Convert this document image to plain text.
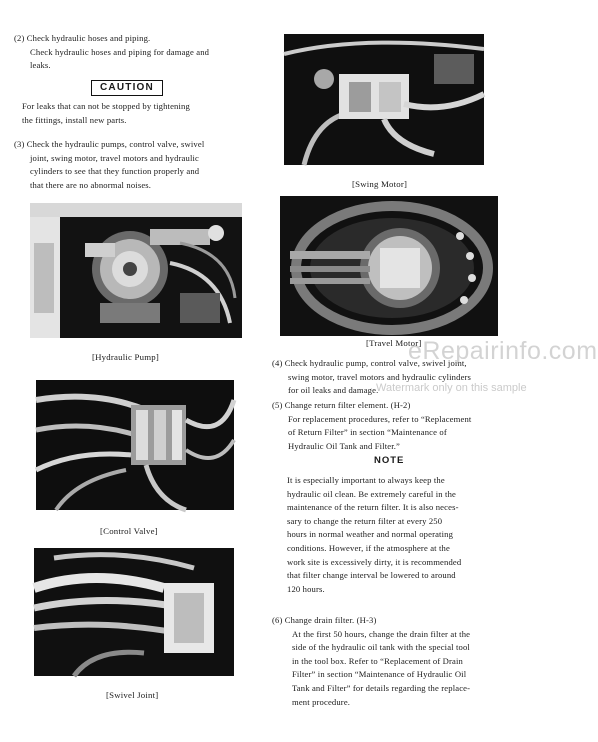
(2) Check hydraulic hoses and piping.
Check hydraulic hoses and piping for damage and
leaks.
CAUTION
For leaks that can not be stopped by tightening
the fittings, install new parts.
(3) Check the hydraulic pumps, control valve, swivel
joint, swing motor, travel motors and hydraulic
cylinders to see that they function properly and
that there are no abnormal noises.
[Hydraulic Pump]
[Control Valve]
[Swivel Joint]
[Swing Motor]
[Travel Motor]
(4) Check hydraulic pump, control valve, swivel joint,
swing motor, travel motors and hydraulic cylinders
for oil leaks and damage.
(5) Change return filter element. (H-2)
For replacement procedures, refer to “Replacement
of Return Filter” in section “Maintenance of
Hydraulic Oil Tank and Filter.”
NOTE
It is especially important to always keep the
hydraulic oil clean. Be extremely careful in the
maintenance of the return filter. It is also neces-
sary to change the return filter at every 250
hours in normal weather and normal operating
conditions. However, if the atmosphere at the
work site is excessively dirty, it is recommended
that filter change interval be lowered to around
120 hours.
(6) Change drain filter. (H-3)
At the first 50 hours, change the drain filter at the
side of the hydraulic oil tank with the special tool
in the tool box. Refer to “Replacement of Drain
Filter” in section “Maintenance of Hydraulic Oil
Tank and Filter” for details regarding the replace-
ment procedure.
eRepairinfo.com
Watermark only on this sample
